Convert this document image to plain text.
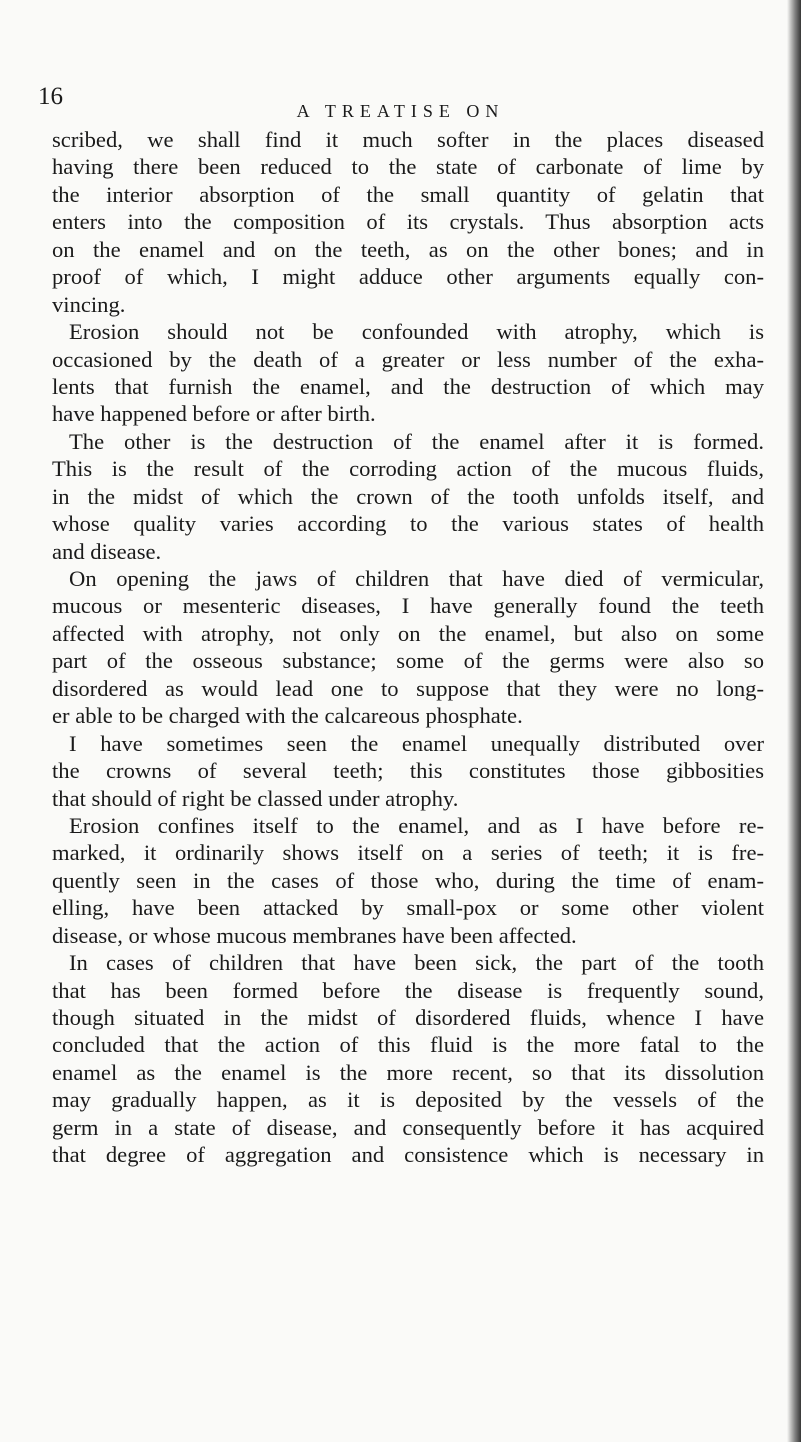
16
A TREATISE ON
scribed, we shall find it much softer in the places diseased
having there been reduced to the state of carbonate of lime by
the interior absorption of the small quantity of gelatin that
enters into the composition of its crystals. Thus absorption acts
on the enamel and on the teeth, as on the other bones; and in
proof of which, I might adduce other arguments equally con-
vincing.
Erosion should not be confounded with atrophy, which is
occasioned by the death of a greater or less number of the exha-
lents that furnish the enamel, and the destruction of which may
have happened before or after birth.
The other is the destruction of the enamel after it is formed.
This is the result of the corroding action of the mucous fluids,
in the midst of which the crown of the tooth unfolds itself, and
whose quality varies according to the various states of health
and disease.
On opening the jaws of children that have died of vermicular,
mucous or mesenteric diseases, I have generally found the teeth
affected with atrophy, not only on the enamel, but also on some
part of the osseous substance; some of the germs were also so
disordered as would lead one to suppose that they were no long-
er able to be charged with the calcareous phosphate.
I have sometimes seen the enamel unequally distributed over
the crowns of several teeth; this constitutes those gibbosities
that should of right be classed under atrophy.
Erosion confines itself to the enamel, and as I have before re-
marked, it ordinarily shows itself on a series of teeth; it is fre-
quently seen in the cases of those who, during the time of enam-
elling, have been attacked by small-pox or some other violent
disease, or whose mucous membranes have been affected.
In cases of children that have been sick, the part of the tooth
that has been formed before the disease is frequently sound,
though situated in the midst of disordered fluids, whence I have
concluded that the action of this fluid is the more fatal to the
enamel as the enamel is the more recent, so that its dissolution
may gradually happen, as it is deposited by the vessels of the
germ in a state of disease, and consequently before it has acquired
that degree of aggregation and consistence which is necessary in
